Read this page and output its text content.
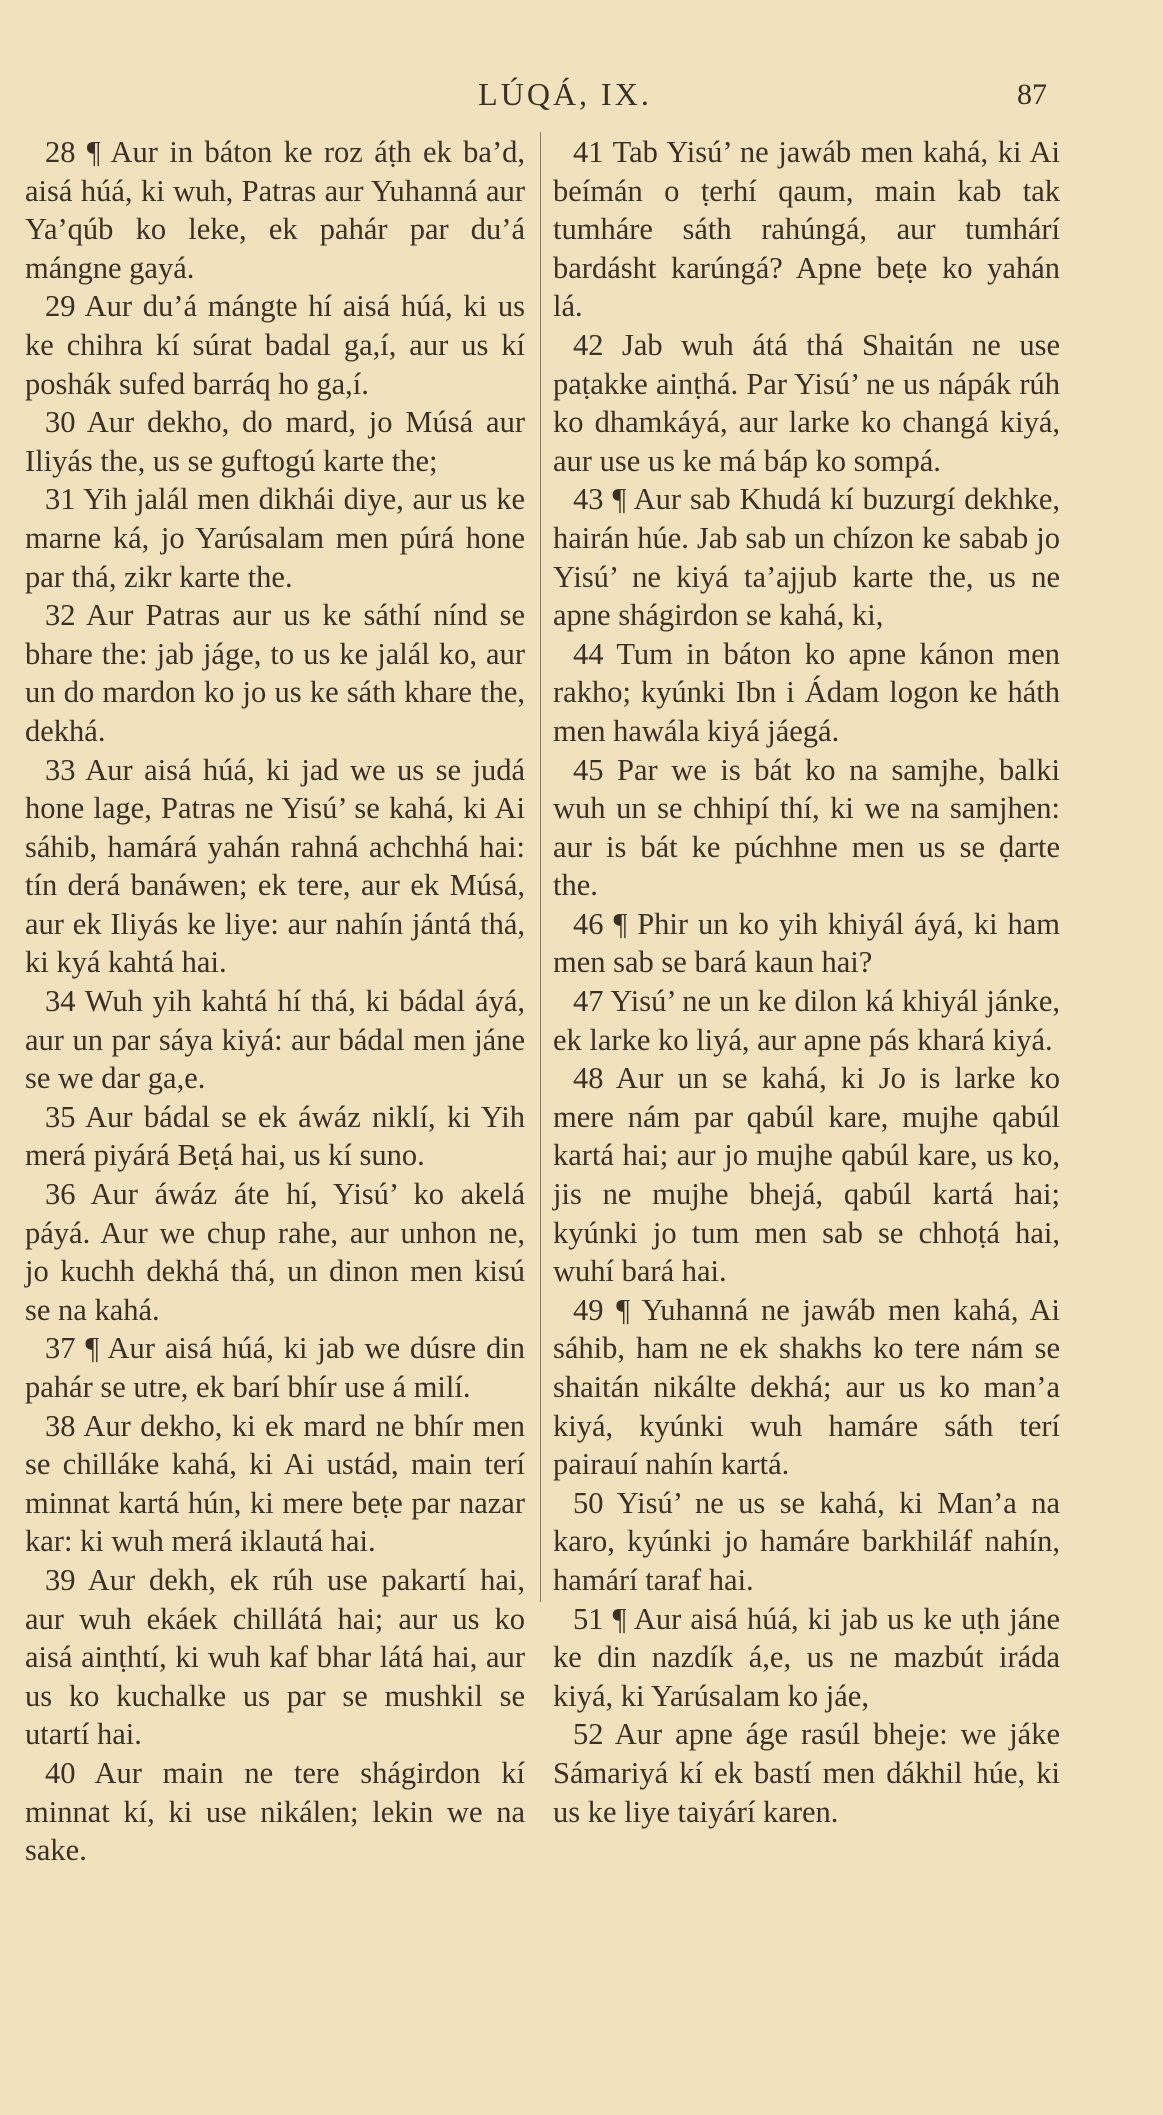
LÚQÁ, IX.	87

28 ¶ Aur in báton ke roz áṭh ek ba’d, aisá húá, ki wuh, Patras aur Yuhanná aur Ya’qúb ko leke, ek pahár par du’á mángne gayá.

29 Aur du’á mángte hí aisá húá, ki us ke chihra kí súrat badal ga,í, aur us kí poshák sufed barráq ho ga,í.

30 Aur dekho, do mard, jo Músá aur Iliyás the, us se guftogú karte the;

31 Yih jalál men dikhái diye, aur us ke marne ká, jo Yarúsalam men púrá hone par thá, zikr karte the.

32 Aur Patras aur us ke sáthí nínd se bhare the: jab jáge, to us ke jalál ko, aur un do mardon ko jo us ke sáth khare the, dekhá.

33 Aur aisá húá, ki jad we us se judá hone lage, Patras ne Yisú’ se kahá, ki Ai sáhib, hamárá yahán rahná achchhá hai: tín derá banáwen; ek tere, aur ek Músá, aur ek Iliyás ke liye: aur nahín jántá thá, ki kyá kahtá hai.

34 Wuh yih kahtá hí thá, ki bádal áyá, aur un par sáya kiyá: aur bádal men jáne se we dar ga,e.

35 Aur bádal se ek áwáz niklí, ki Yih merá piyárá Beṭá hai, us kí suno.

36 Aur áwáz áte hí, Yisú’ ko akelá páyá. Aur we chup rahe, aur unhon ne, jo kuchh dekhá thá, un dinon men kisú se na kahá.

37 ¶ Aur aisá húá, ki jab we dúsre din pahár se utre, ek barí bhír use á milí.

38 Aur dekho, ki ek mard ne bhír men se chilláke kahá, ki Ai ustád, main terí minnat kartá hún, ki mere beṭe par nazar kar: ki wuh merá iklautá hai.

39 Aur dekh, ek rúh use pakartí hai, aur wuh ekáek chillátá hai; aur us ko aisá ainṭhtí, ki wuh kaf bhar látá hai, aur us ko kuchalke us par se mushkil se utartí hai.

40 Aur main ne tere shágirdon kí minnat kí, ki use nikálen; lekin we na sake.

41 Tab Yisú’ ne jawáb men kahá, ki Ai beímán o ṭerhí qaum, main kab tak tumháre sáth rahúngá, aur tumhárí bardásht karúngá? Apne beṭe ko yahán lá.

42 Jab wuh átá thá Shaitán ne use paṭakke ainṭhá. Par Yisú’ ne us nápák rúh ko dhamkáyá, aur larke ko changá kiyá, aur use us ke má báp ko sompá.

43 ¶ Aur sab Khudá kí buzurgí dekhke, hairán húe. Jab sab un chízon ke sabab jo Yisú’ ne kiyá ta’ajjub karte the, us ne apne shágirdon se kahá, ki,

44 Tum in báton ko apne kánon men rakho; kyúnki Ibn i Ádam logon ke háth men hawála kiyá jáegá.

45 Par we is bát ko na samjhe, balki wuh un se chhipí thí, ki we na samjhen: aur is bát ke púchhne men us se ḍarte the.

46 ¶ Phir un ko yih khiyál áyá, ki ham men sab se bará kaun hai?

47 Yisú’ ne un ke dilon ká khiyál jánke, ek larke ko liyá, aur apne pás khará kiyá.

48 Aur un se kahá, ki Jo is larke ko mere nám par qabúl kare, mujhe qabúl kartá hai; aur jo mujhe qabúl kare, us ko, jis ne mujhe bhejá, qabúl kartá hai; kyúnki jo tum men sab se chhoṭá hai, wuhí bará hai.

49 ¶ Yuhanná ne jawáb men kahá, Ai sáhib, ham ne ek shakhs ko tere nám se shaitán nikálte dekhá; aur us ko man’a kiyá, kyúnki wuh hamáre sáth terí pairauí nahín kartá.

50 Yisú’ ne us se kahá, ki Man’a na karo, kyúnki jo hamáre barkhiláf nahín, hamárí taraf hai.

51 ¶ Aur aisá húá, ki jab us ke uṭh jáne ke din nazdík á,e, us ne mazbút iráda kiyá, ki Yarúsalam ko jáe,

52 Aur apne áge rasúl bheje: we jáke Sámariyá kí ek bastí men dákhil húe, ki us ke liye taiyárí karen.
